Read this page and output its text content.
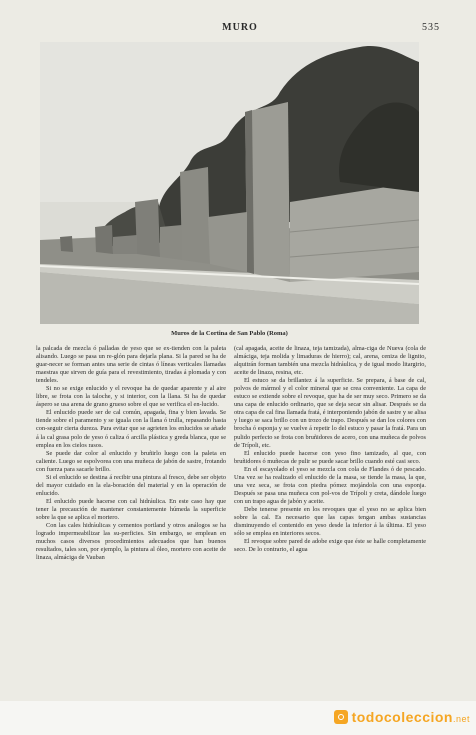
MURO	535
Muros de la Cortina de San Pablo (Roma)

la palcada de mezcla ó palladas de yeso que se ex-tienden con la paleta alisando. Luego se pasa un re-glón para dejarla plana. Si la pared se ha de guar-necer se forman antes una serie de cintas ó líneas verticales llamadas maestras que sirven de guía para el revestimiento, tiradas á plomada y con tendeles.

Si no se exige enlucido y el revoque ha de quedar aparente y al aire libre, se frota con la taloche, y si interior, con la llana. Si ha de quedar áspero se usa arena de grano grueso sobre el que se verifica el en-lucido.

El enlucido puede ser de cal común, apagada, fina y bien lavada. Se tiende sobre el paramento y se iguala con la llana ó trulla, repasando hasta con-seguir cierta dureza. Para evitar que se agrieten los enlucidos se añade á la cal grasa polo de yeso ó caliza ó arcilla plástica y greda blanca, que se emplea en los cielos rasos.

Se puede dar color al enlucido y bruñirlo luego con la paleta en caliente. Luego se espolvorea con una muñeca de jabón de sastre, frotando con fuerza para sacarle brillo.

Si el enlucido se destina á recibir una pintura al fresco, debe ser objeto del mayor cuidado en la ela-boración del material y en la operación de enlucido.

El enlucido puede hacerse con cal hidráulica. En este caso hay que tener la precaución de mantener constantemente húmeda la superficie sobre la que se aplica el mortero.

Con las cales hidráulicas y cementos portland y otros análogos se ha logrado impermeabilizar las su-perficies. Sin embargo, se emplean en muchos casos diversos procedimientos adecuados que han buenos resultados, tales son, por ejemplo, la pintura al óleo, mortero con aceite de linaza, almáciga de Vauban

(cal apagada, aceite de linaza, teja tamizada), alma-ciga de Nueva (cola de almáciga, teja molida y limaduras de hierro); cal, arena, ceniza de lignito, alquitrán forman también una mezcla hidráulica, y de igual modo litargirio, aceite de linaza, resina, etc.

El estuco se da brillantez á la superficie. Se prepara, á base de cal, polvos de mármol y el color mineral que se crea conveniente. La capa de estuco se extiende sobre el revoque, que ha de ser muy seco. Primero se da una capa de enlucido ordinario, que se deja secar sin alisar. Después se da otra capa de cal fina llamada fratá, é interponiendo jabón de sastre y se alisa y luego se saca brillo con un trozo de trapo. Después se dan los colores con brocha ó esponja y se vuelve á repetir lo del estuco y pasar la fratá. Para un pulido perfecto se frota con bruñidores de acero, con una muñeca de polvos de Trípoli, etc.

El enlucido puede hacerse con yeso fino tamizado, al que, con bruñidores ó muñecas de pulir se puede sacar brillo cuando esté casi seco.

En el escayolado el yeso se mezcla con cola de Flandes ó de pescado. Una vez se ha realizado el enlucido de la masa, se tiende la masa, la que, una vez seca, se frota con piedra pómez mojándola con una esponja. Después se pasa una muñeca con pol-vos de Trípoli y creta, dándole luego con un trapo agua de jabón y aceite.

Debe tenerse presente en los revoques que el yeso no se aplica bien sobre la cal. Es necesario que las capas tengan ambas sustancias disminuyendo el contenido en yeso desde la inferior á la última. El yeso sólo se emplea en interiores secos.

El revoque sobre pared de adobe exige que éste se halle completamente seco. De lo contrario, el agua

todocoleccion.net
